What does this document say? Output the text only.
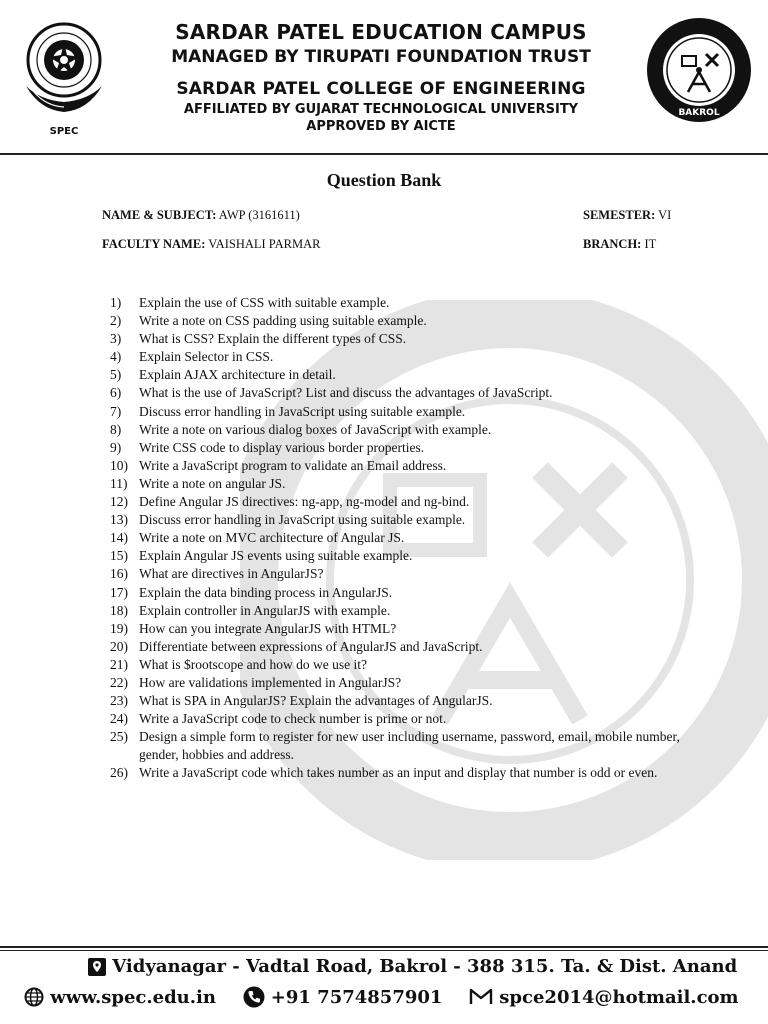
SPEC
SARDAR PATEL EDUCATION CAMPUS
MANAGED BY TIRUPATI FOUNDATION TRUST
SARDAR PATEL COLLEGE OF ENGINEERING
AFFILIATED BY GUJARAT TECHNOLOGICAL UNIVERSITY
APPROVED BY AICTE
BAKROL
Question Bank
NAME & SUBJECT: AWP (3161611)	SEMESTER: VI
FACULTY NAME: VAISHALI PARMAR	BRANCH: IT
1)	Explain the use of CSS with suitable example.
2)	Write a note on CSS padding using suitable example.
3)	What is CSS? Explain the different types of CSS.
4)	Explain Selector in CSS.
5)	Explain AJAX architecture in detail.
6)	What is the use of JavaScript? List and discuss the advantages of JavaScript.
7)	Discuss error handling in JavaScript using suitable example.
8)	Write a note on various dialog boxes of JavaScript with example.
9)	Write CSS code to display various border properties.
10) Write a JavaScript program to validate an Email address.
11) Write a note on angular JS.
12) Define Angular JS directives: ng-app, ng-model and ng-bind.
13) Discuss error handling in JavaScript using suitable example.
14) Write a note on MVC architecture of Angular JS.
15) Explain Angular JS events using suitable example.
16) What are directives in AngularJS?
17) Explain the data binding process in AngularJS.
18) Explain controller in AngularJS with example.
19) How can you integrate AngularJS with HTML?
20) Differentiate between expressions of AngularJS and JavaScript.
21) What is $rootscope and how do we use it?
22) How are validations implemented in AngularJS?
23) What is SPA in AngularJS? Explain the advantages of AngularJS.
24) Write a JavaScript code to check number is prime or not.
25) Design a simple form to register for new user including username, password, email, mobile number, gender, hobbies and address.
26) Write a JavaScript code which takes number as an input and display that number is odd or even.
Vidyanagar - Vadtal Road, Bakrol - 388 315. Ta. & Dist. Anand
www.spec.edu.in	+91 7574857901	spce2014@hotmail.com
